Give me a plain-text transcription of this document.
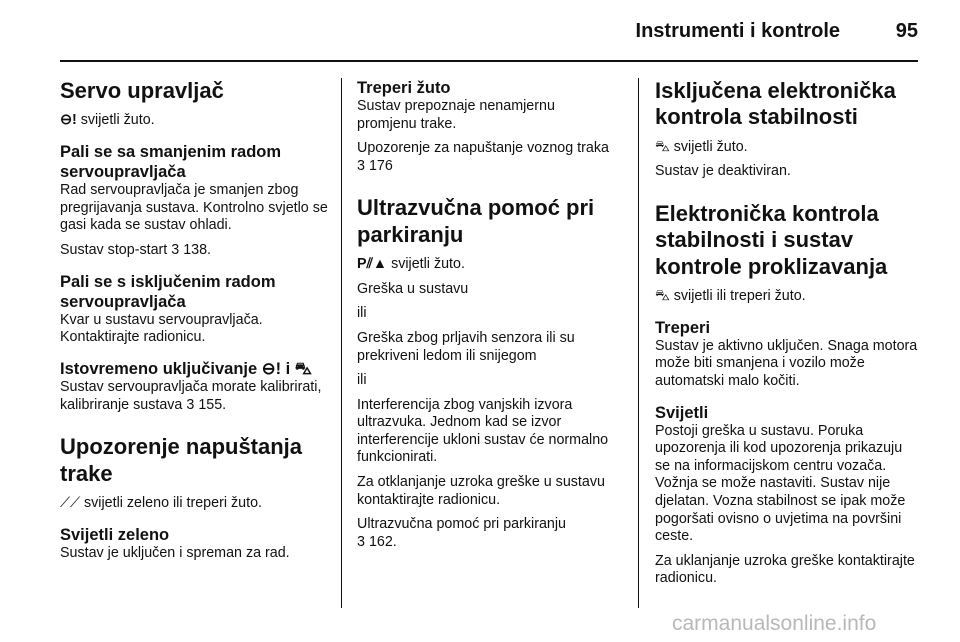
Instrumenti i kontrole	95
Servo upravljač

⊖! svijetli žuto.

Pali se sa smanjenim radom servoupravljača

Rad servoupravljača je smanjen zbog pregrijavanja sustava. Kontrolno svjetlo se gasi kada se sustav ohladi.

Sustav stop-start 3 138.

Pali se s isključenim radom servoupravljača

Kvar u sustavu servoupravljača. Kontaktirajte radionicu.

Istovremeno uključivanje ⊖! i ⛍

Sustav servoupravljača morate kalibrirati, kalibriranje sustava 3 155.

Upozorenje napuštanja trake

⟋⟋ svijetli zeleno ili treperi žuto.

Svijetli zeleno

Sustav je uključen i spreman za rad.

Treperi žuto

Sustav prepoznaje nenamjernu promjenu trake.

Upozorenje za napuštanje voznog traka 3 176

Ultrazvučna pomoć pri parkiranju

P⫽▲ svijetli žuto.

Greška u sustavu

ili

Greška zbog prljavih senzora ili su prekriveni ledom ili snijegom

ili

Interferencija zbog vanjskih izvora ultrazvuka. Jednom kad se izvor interferencije ukloni sustav će normalno funkcionirati.

Za otklanjanje uzroka greške u sustavu kontaktirajte radionicu.

Ultrazvučna pomoć pri parkiranju
3 162.

Isključena elektronička kontrola stabilnosti

⛍ svijetli žuto.

Sustav je deaktiviran.

Elektronička kontrola stabilnosti i sustav kontrole proklizavanja

⛍ svijetli ili treperi žuto.

Treperi

Sustav je aktivno uključen. Snaga motora može biti smanjena i vozilo može automatski malo kočiti.

Svijetli

Postoji greška u sustavu. Poruka upozorenja ili kod upozorenja prikazuju se na informacijskom centru vozača. Vožnja se može nastaviti. Sustav nije djelatan. Vozna stabilnost se ipak može pogoršati ovisno o uvjetima na površini ceste.

Za uklanjanje uzroka greške kontaktirajte radionicu.

carmanualsonline.info
